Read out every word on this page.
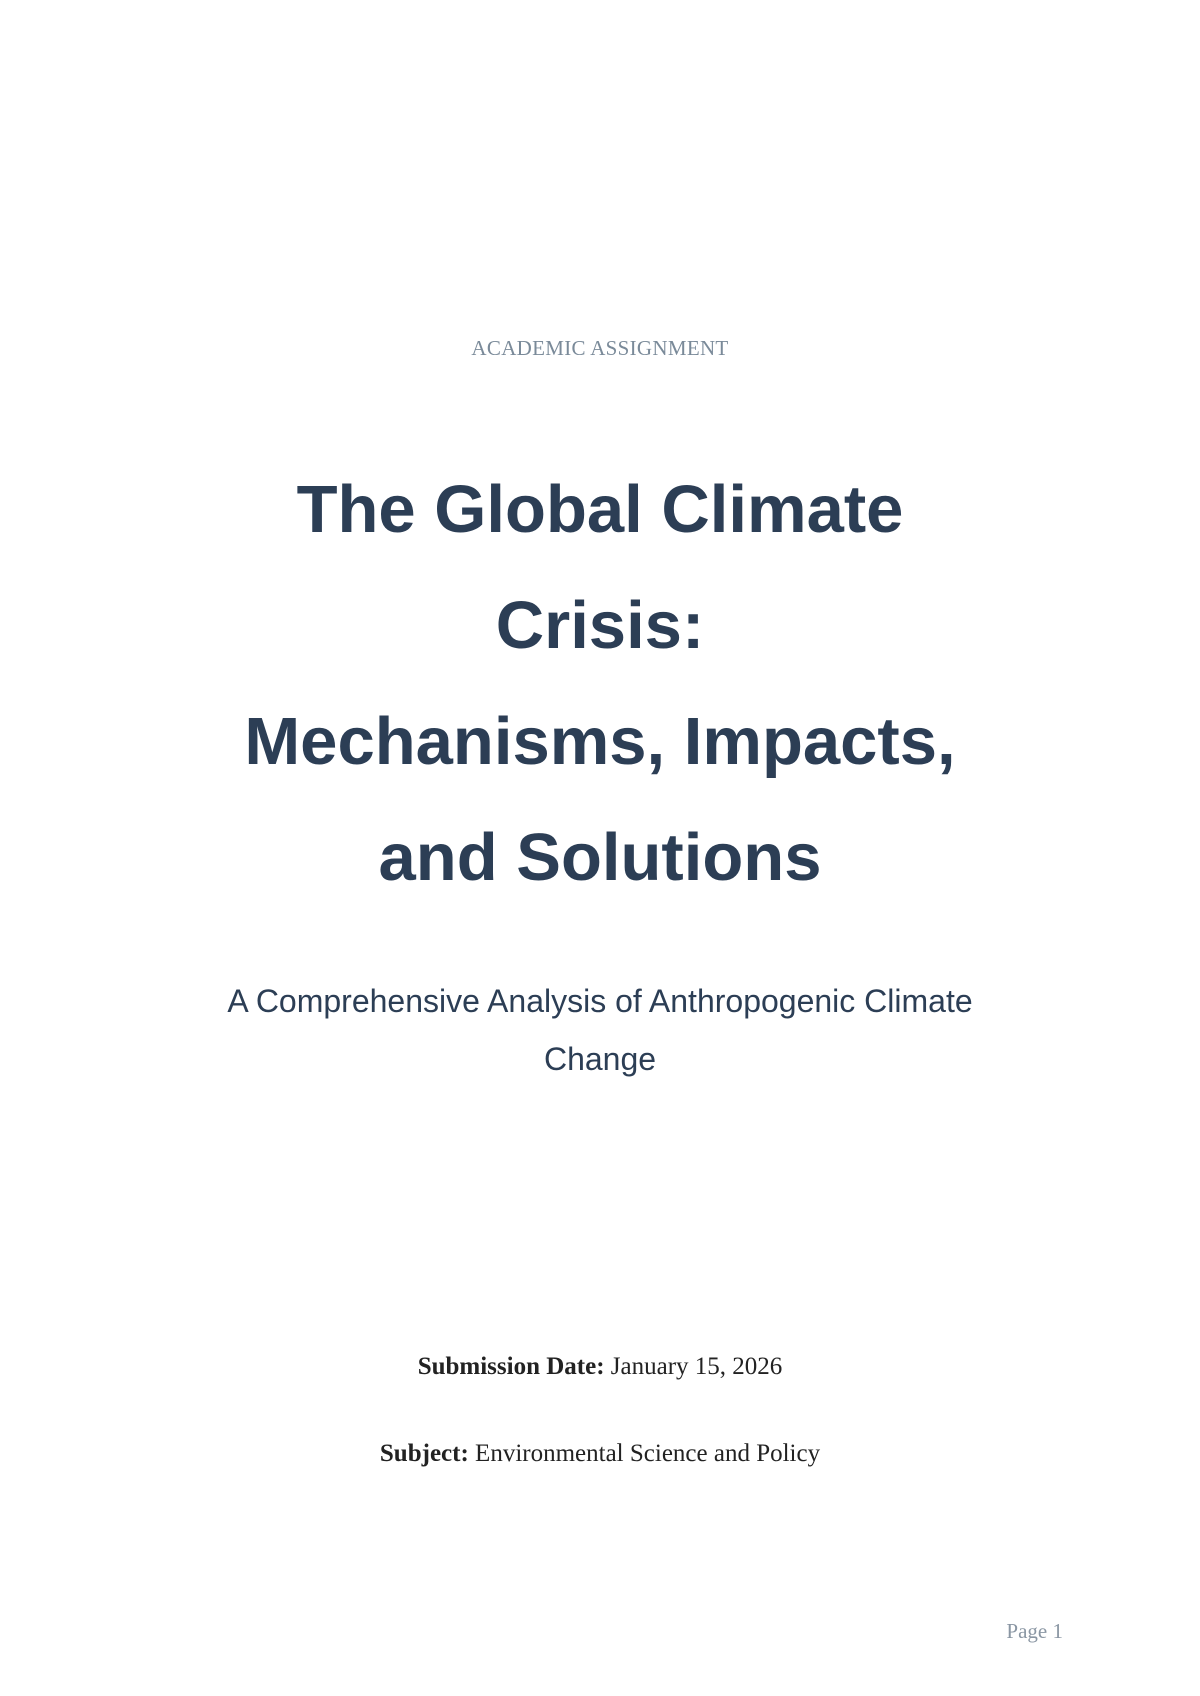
ACADEMIC ASSIGNMENT
The Global Climate
Crisis:
Mechanisms, Impacts,
and Solutions
A Comprehensive Analysis of Anthropogenic Climate
Change
Submission Date: January 15, 2026
Subject: Environmental Science and Policy
Page 1
